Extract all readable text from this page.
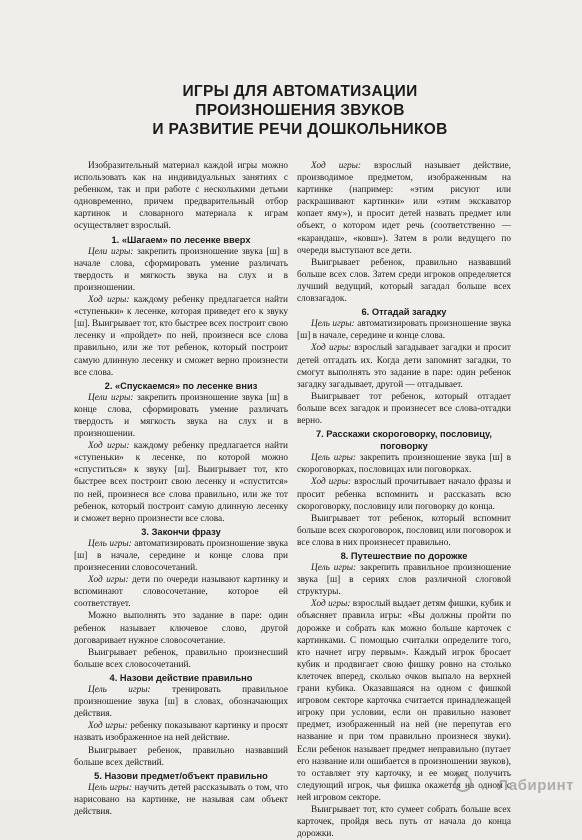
ИГРЫ ДЛЯ АВТОМАТИЗАЦИИ
ПРОИЗНОШЕНИЯ ЗВУКОВ
И РАЗВИТИЕ РЕЧИ ДОШКОЛЬНИКОВ

Изобразительный материал каждой игры можно использовать как на индивидуальных занятиях с ребенком, так и при работе с несколькими детьми одновременно, причем предварительный отбор картинок и словарного материала к играм осуществляет взрослый.

1. «Шагаем» по лесенке вверх

Цели игры: закрепить произношение звука [ш] в начале слова, сформировать умение различать твердость и мягкость звука на слух и в произношении.

Ход игры: каждому ребенку предлагается найти «ступеньки» к лесенке, которая приведет его к звуку [ш]. Выигрывает тот, кто быстрее всех построит свою лесенку и «пройдет» по ней, произнеся все слова правильно, или же тот ребенок, который построит самую длинную лесенку и сможет верно произнести все слова.

2. «Спускаемся» по лесенке вниз

Цели игры: закрепить произношение звука [ш] в конце слова, сформировать умение различать твердость и мягкость звука на слух и в произношении.

Ход игры: каждому ребенку предлагается найти «ступеньки» к лесенке, по которой можно «спуститься» к звуку [ш]. Выигрывает тот, кто быстрее всех построит свою лесенку и «спустится» по ней, произнеся все слова правильно, или же тот ребенок, который построит самую длинную лесенку и сможет верно произнести все слова.

3. Закончи фразу

Цель игры: автоматизировать произношение звука [ш] в начале, середине и конце слова при произнесении словосочетаний.

Ход игры: дети по очереди называют картинку и вспоминают словосочетание, которое ей соответствует.

Можно выполнять это задание в паре: один ребенок называет ключевое слово, другой договаривает нужное словосочетание.

Выигрывает ребенок, правильно произнесший больше всех словосочетаний.

4. Назови действие правильно

Цель игры: тренировать правильное произношение звука [ш] в словах, обозначающих действия.

Ход игры: ребенку показывают картинку и просят назвать изображенное на ней действие.

Выигрывает ребенок, правильно назвавший больше всех действий.

5. Назови предмет/объект правильно

Цель игры: научить детей рассказывать о том, что нарисовано на картинке, не называя сам объект действия.

Ход игры: взрослый называет действие, производимое предметом, изображенным на картинке (например: «этим рисуют или раскрашивают картинки» или «этим экскаватор копает яму»), и просит детей назвать предмет или объект, о котором идет речь (соответственно — «карандаш», «ковш»). Затем в роли ведущего по очереди выступают все дети.

Выигрывает ребенок, правильно назвавший больше всех слов. Затем среди игроков определяется лучший ведущий, который загадал больше всех словзагадок.

6. Отгадай загадку

Цель игры: автоматизировать произношение звука [ш] в начале, середине и конце слова.

Ход игры: взрослый загадывает загадки и просит детей отгадать их. Когда дети запомнят загадки, то смогут выполнять это задание в паре: один ребенок загадку загадывает, другой — отгадывает.

Выигрывает тот ребенок, который отгадает больше всех загадок и произнесет все слова-отгадки верно.

7. Расскажи скороговорку, пословицу, поговорку

Цель игры: закрепить произношение звука [ш] в скороговорках, пословицах или поговорках.

Ход игры: взрослый прочитывает начало фразы и просит ребенка вспомнить и рассказать всю скороговорку, пословицу или поговорку до конца.

Выигрывает тот ребенок, который вспомнит больше всех скороговорок, пословиц или поговорок и все слова в них произнесет правильно.

8. Путешествие по дорожке

Цель игры: закрепить правильное произношение звука [ш] в сериях слов различной слоговой структуры.

Ход игры: взрослый выдает детям фишки, кубик и объясняет правила игры: «Вы должны пройти по дорожке и собрать как можно больше карточек с картинками. С помощью считалки определите того, кто начнет игру первым». Каждый игрок бросает кубик и продвигает свою фишку ровно на столько клеточек вперед, сколько очков выпало на верхней грани кубика. Оказавшаяся на одном с фишкой игровом секторе карточка считается принадлежащей игроку при условии, если он правильно назовет предмет, изображенный на ней (не перепутав его название и при том правильно произнеся звуки). Если ребенок называет предмет неправильно (путает его название или ошибается в произношении звуков), то оставляет эту карточку, и ее может получить следующий игрок, чья фишка окажется на одном с ней игровом секторе.

Выигрывает тот, кто сумеет собрать больше всех карточек, пройдя весь путь от начала до конца дорожки.

Лабиринт
